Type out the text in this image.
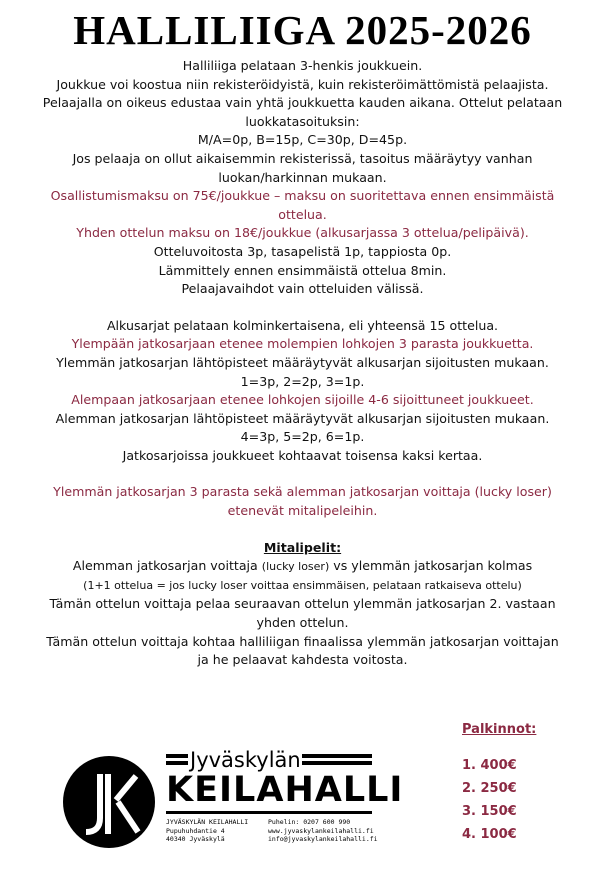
HALLILIIGA 2025-2026

Halliliiga pelataan 3-henkis joukkuein.

Joukkue voi koostua niin rekisteröidyistä, kuin rekisteröimättömistä pelaajista.

Pelaajalla on oikeus edustaa vain yhtä joukkuetta kauden aikana. Ottelut pelataan

luokkatasoituksin:

M/A=0p, B=15p, C=30p, D=45p.

Jos pelaaja on ollut aikaisemmin rekisterissä, tasoitus määräytyy vanhan

luokan/harkinnan mukaan.

Osallistumismaksu on 75€/joukkue – maksu on suoritettava ennen ensimmäistä

ottelua.

Yhden ottelun maksu on 18€/joukkue (alkusarjassa 3 ottelua/pelipäivä).

Otteluvoitosta 3p, tasapelistä 1p, tappiosta 0p.

Lämmittely ennen ensimmäistä ottelua 8min.

Pelaajavaihdot vain otteluiden välissä.

Alkusarjat pelataan kolminkertaisena, eli yhteensä 15 ottelua.

Ylempään jatkosarjaan etenee molempien lohkojen 3 parasta joukkuetta.

Ylemmän jatkosarjan lähtöpisteet määräytyvät alkusarjan sijoitusten mukaan.

1=3p, 2=2p, 3=1p.

Alempaan jatkosarjaan etenee lohkojen sijoille 4-6 sijoittuneet joukkueet.

Alemman jatkosarjan lähtöpisteet määräytyvät alkusarjan sijoitusten mukaan.

4=3p, 5=2p, 6=1p.

Jatkosarjoissa joukkueet kohtaavat toisensa kaksi kertaa.

Ylemmän jatkosarjan 3 parasta sekä alemman jatkosarjan voittaja (lucky loser)

etenevät mitalipeleihin.

Mitalipelit:

Alemman jatkosarjan voittaja (lucky loser) vs ylemmän jatkosarjan kolmas

(1+1 ottelua = jos lucky loser voittaa ensimmäisen, pelataan ratkaiseva ottelu)

Tämän ottelun voittaja pelaa seuraavan ottelun ylemmän jatkosarjan 2. vastaan

yhden ottelun.

Tämän ottelun voittaja kohtaa halliliigan finaalissa ylemmän jatkosarjan voittajan

ja he pelaavat kahdesta voitosta.

Palkinnot:
1. 400€
2. 250€
3. 150€
4. 100€
Jyväskylän
KEILAHALLI
JYVÄSKYLÄN KEILAHALLI
Pupuhuhdantie 4
40340 Jyväskylä
Puhelin: 0207 600 990
www.jyvaskylankeilahalli.fi
info@jyvaskylankeilahalli.fi
